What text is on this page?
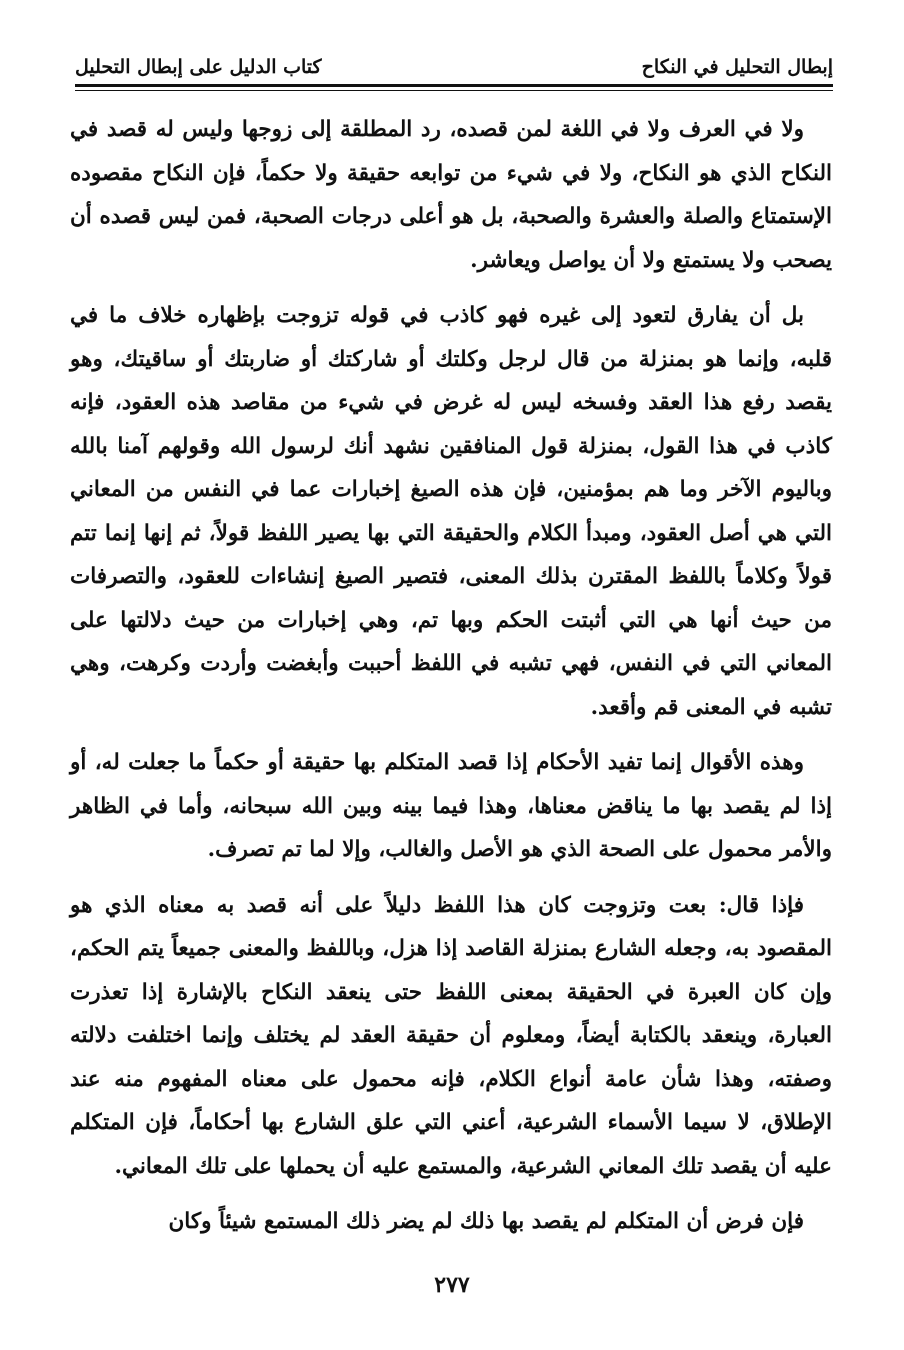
إبطال التحليل في النكاح
كتاب الدليل على إبطال التحليل

ولا في العرف ولا في اللغة لمن قصده، رد المطلقة إلى زوجها وليس له قصد في النكاح الذي هو النكاح، ولا في شيء من توابعه حقيقة ولا حكماً، فإن النكاح مقصوده الإستمتاع والصلة والعشرة والصحبة، بل هو أعلى درجات الصحبة، فمن ليس قصده أن يصحب ولا يستمتع ولا أن يواصل ويعاشر.

بل أن يفارق لتعود إلى غيره فهو كاذب في قوله تزوجت بإظهاره خلاف ما في قلبه، وإنما هو بمنزلة من قال لرجل وكلتك أو شاركتك أو ضاربتك أو ساقيتك، وهو يقصد رفع هذا العقد وفسخه ليس له غرض في شيء من مقاصد هذه العقود، فإنه كاذب في هذا القول، بمنزلة قول المنافقين نشهد أنك لرسول الله وقولهم آمنا بالله وباليوم الآخر وما هم بمؤمنين، فإن هذه الصيغ إخبارات عما في النفس من المعاني التي هي أصل العقود، ومبدأ الكلام والحقيقة التي بها يصير اللفظ قولاً، ثم إنها إنما تتم قولاً وكلاماً باللفظ المقترن بذلك المعنى، فتصير الصيغ إنشاءات للعقود، والتصرفات من حيث أنها هي التي أثبتت الحكم وبها تم، وهي إخبارات من حيث دلالتها على المعاني التي في النفس، فهي تشبه في اللفظ أحببت وأبغضت وأردت وكرهت، وهي تشبه في المعنى قم وأقعد.

وهذه الأقوال إنما تفيد الأحكام إذا قصد المتكلم بها حقيقة أو حكماً ما جعلت له، أو إذا لم يقصد بها ما يناقض معناها، وهذا فيما بينه وبين الله سبحانه، وأما في الظاهر والأمر محمول على الصحة الذي هو الأصل والغالب، وإلا لما تم تصرف.

فإذا قال: بعت وتزوجت كان هذا اللفظ دليلاً على أنه قصد به معناه الذي هو المقصود به، وجعله الشارع بمنزلة القاصد إذا هزل، وباللفظ والمعنى جميعاً يتم الحكم، وإن كان العبرة في الحقيقة بمعنى اللفظ حتى ينعقد النكاح بالإشارة إذا تعذرت العبارة، وينعقد بالكتابة أيضاً، ومعلوم أن حقيقة العقد لم يختلف وإنما اختلفت دلالته وصفته، وهذا شأن عامة أنواع الكلام، فإنه محمول على معناه المفهوم منه عند الإطلاق، لا سيما الأسماء الشرعية، أعني التي علق الشارع بها أحكاماً، فإن المتكلم عليه أن يقصد تلك المعاني الشرعية، والمستمع عليه أن يحملها على تلك المعاني.

فإن فرض أن المتكلم لم يقصد بها ذلك لم يضر ذلك المستمع شيئاً وكان

٢٧٧
